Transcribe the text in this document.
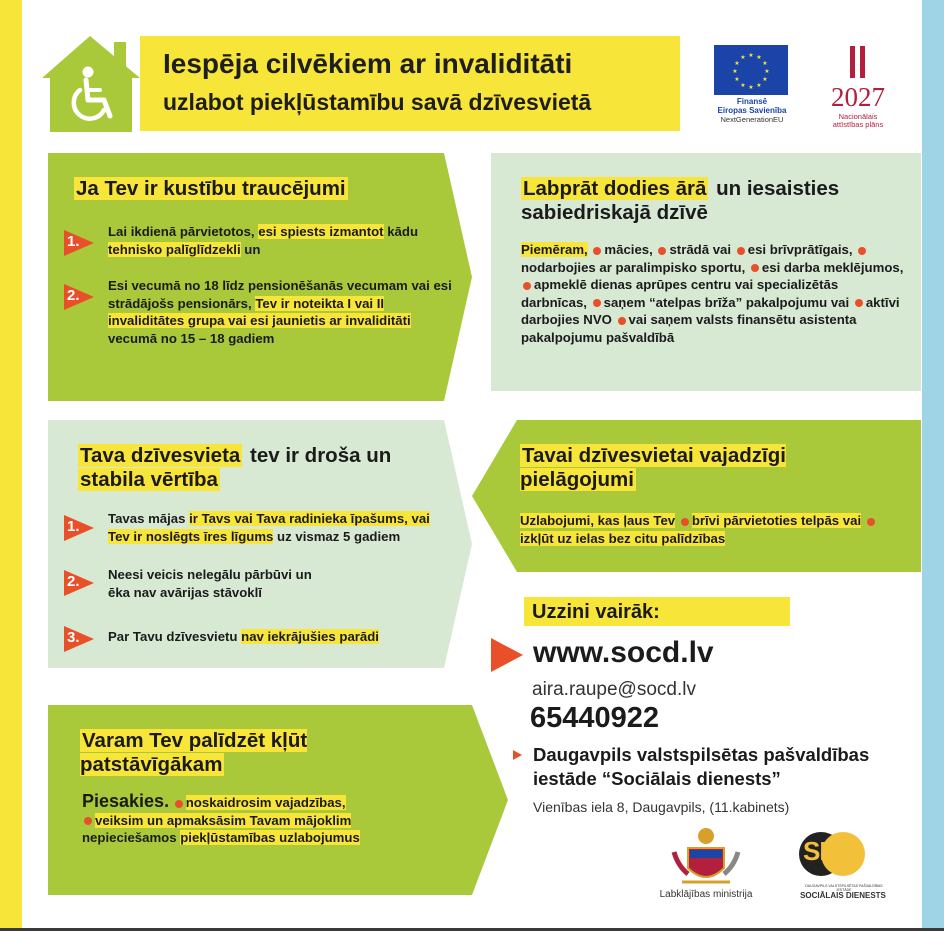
Iespēja cilvēkiem ar invaliditāti
uzlabot piekļūstamību savā dzīvesvietā
★ ★
★
★
★
★
★
★
★
★
★
★
Finansē
Eiropas Savienība
NextGenerationEU
2027
Nacionālais
attīstības plāns
Ja Tev ir kustību traucējumi
1.
Lai ikdienā pārvietotos, esi spiests izmantot kādu tehnisko palīglīdzekli un
2.
Esi vecumā no 18 līdz pensionēšanās vecumam vai esi strādājošs pensionārs, Tev ir noteikta I vai II invaliditātes grupa vai esi jaunietis ar invaliditāti vecumā no 15 – 18 gadiem
Labprāt dodies ārā un iesaisties sabiedriskajā dzīvē
Piemēram, mācies, strādā vai esi brīvprātīgais, nodarbojies ar paralimpisko sportu, esi darba meklējumos, apmeklē dienas aprūpes centru vai specializētās darbnīcas, saņem “atelpas brīža” pakalpojumu vai aktīvi darbojies NVO vai saņem valsts finansētu asistenta pakalpojumu pašvaldībā
Tava dzīvesvieta tev ir droša un stabila vērtība
1. Tavas mājas ir Tavs vai Tava radinieka īpašums, vai Tev ir noslēgts īres līgums uz vismaz 5 gadiem
2. Neesi veicis nelegālu pārbūvi un ēka nav avārijas stāvoklī
3. Par Tavu dzīvesvietu nav iekrājušies parādi
Tavai dzīvesvietai vajadzīgi pielāgojumi
Uzlabojumi, kas ļaus Tev brīvi pārvietoties telpās vai izkļūt uz ielas bez citu palīdzības
Varam Tev palīdzēt kļūt patstāvīgākam
Piesakies. noskaidrosim vajadzības,
veiksim un apmaksāsim Tavam mājoklim
nepieciešamos piekļūstamības uzlabojumus
Uzzini vairāk:
www.socd.lv
aira.raupe@socd.lv
65440922
Daugavpils valstspilsētas pašvaldības
iestāde “Sociālais dienests”
Vienības iela 8, Daugavpils, (11.kabinets)
Labklājības ministrija
SD
DAUGAVPILS VALSTSPILSĒTAS PAŠVALDĪBAS IESTĀDE
SOCIĀLAIS DIENESTS
